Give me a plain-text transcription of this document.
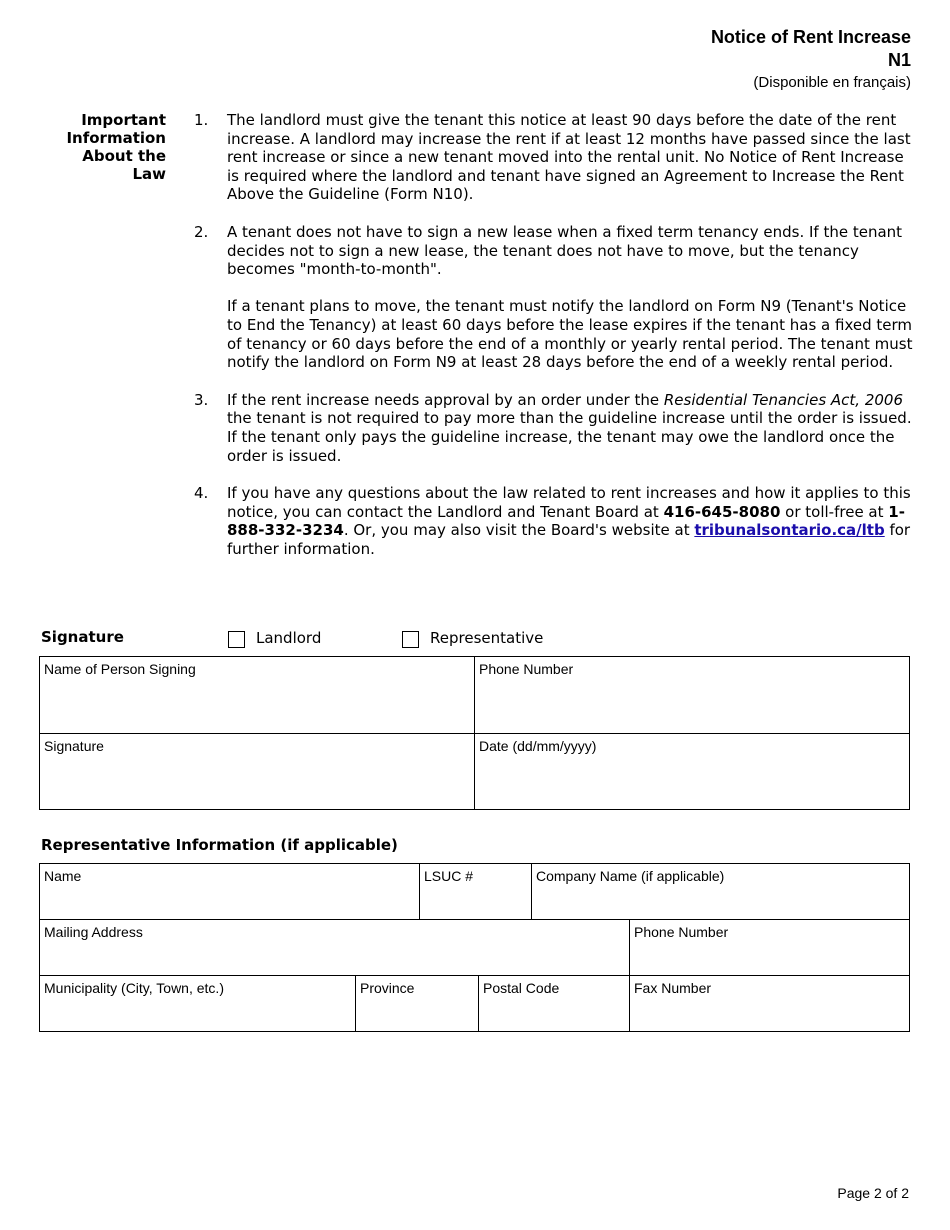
Notice of Rent Increase
N1
(Disponible en français)
Important
Information
About the
Law
1. The landlord must give the tenant this notice at least 90 days before the date of the rent increase. A landlord may increase the rent if at least 12 months have passed since the last rent increase or since a new tenant moved into the rental unit. No Notice of Rent Increase is required where the landlord and tenant have signed an Agreement to Increase the Rent Above the Guideline (Form N10).

2. A tenant does not have to sign a new lease when a fixed term tenancy ends. If the tenant decides not to sign a new lease, the tenant does not have to move, but the tenancy becomes "month-to-month".

If a tenant plans to move, the tenant must notify the landlord on Form N9 (Tenant's Notice to End the Tenancy) at least 60 days before the lease expires if the tenant has a fixed term of tenancy or 60 days before the end of a monthly or yearly rental period. The tenant must notify the landlord on Form N9 at least 28 days before the end of a weekly rental period.

3. If the rent increase needs approval by an order under the Residential Tenancies Act, 2006 the tenant is not required to pay more than the guideline increase until the order is issued. If the tenant only pays the guideline increase, the tenant may owe the landlord once the order is issued.

4. If you have any questions about the law related to rent increases and how it applies to this notice, you can contact the Landlord and Tenant Board at 416-645-8080 or toll-free at 1-888-332-3234. Or, you may also visit the Board's website at tribunalsontario.ca/ltb for further information.

Signature	Landlord	Representative
Name of Person Signing	Phone Number
Signature	Date (dd/mm/yyyy)
Representative Information (if applicable)
Name	LSUC #	Company Name (if applicable)
Mailing Address	Phone Number
Municipality (City, Town, etc.)	Province	Postal Code	Fax Number
Page 2 of 2
